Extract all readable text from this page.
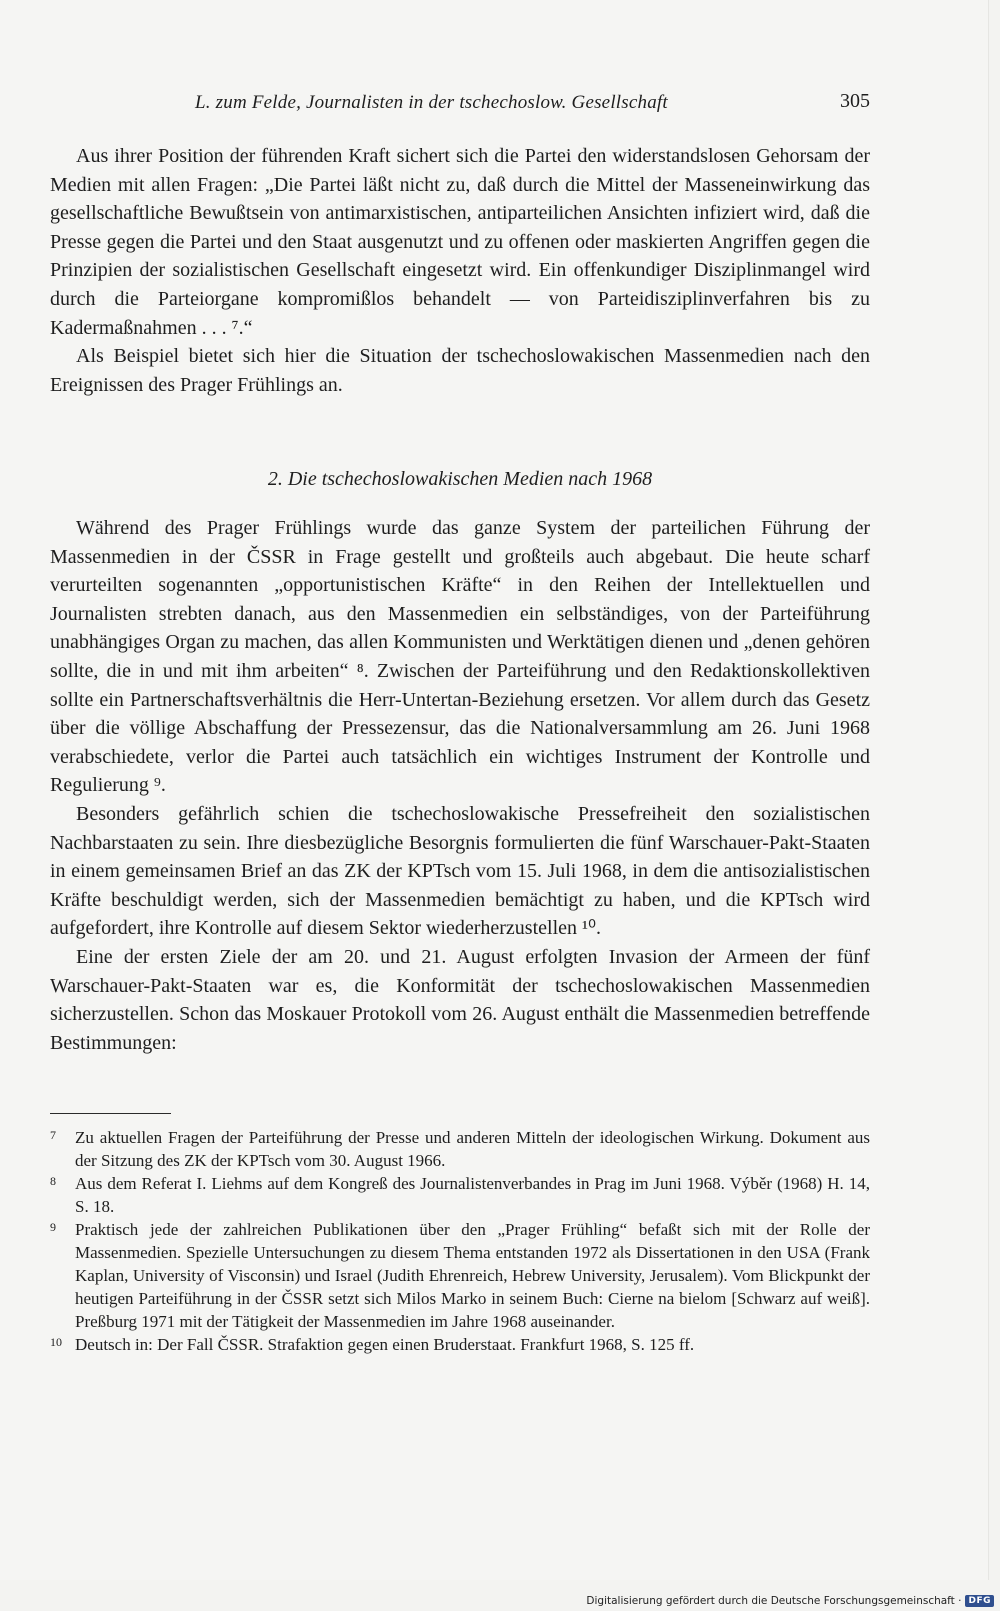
L. zum Felde, Journalisten in der tschechoslow. Gesellschaft	305

Aus ihrer Position der führenden Kraft sichert sich die Partei den widerstandslosen Gehorsam der Medien mit allen Fragen: „Die Partei läßt nicht zu, daß durch die Mittel der Masseneinwirkung das gesellschaftliche Bewußtsein von antimarxistischen, antiparteilichen Ansichten infiziert wird, daß die Presse gegen die Partei und den Staat ausgenutzt und zu offenen oder maskierten Angriffen gegen die Prinzipien der sozialistischen Gesellschaft eingesetzt wird. Ein offenkundiger Disziplinmangel wird durch die Parteiorgane kompromißlos behandelt — von Parteidisziplinverfahren bis zu Kadermaßnahmen . . . ⁷.“

Als Beispiel bietet sich hier die Situation der tschechoslowakischen Massenmedien nach den Ereignissen des Prager Frühlings an.

2. Die tschechoslowakischen Medien nach 1968

Während des Prager Frühlings wurde das ganze System der parteilichen Führung der Massenmedien in der ČSSR in Frage gestellt und großteils auch abgebaut. Die heute scharf verurteilten sogenannten „opportunistischen Kräfte“ in den Reihen der Intellektuellen und Journalisten strebten danach, aus den Massenmedien ein selbständiges, von der Parteiführung unabhängiges Organ zu machen, das allen Kommunisten und Werktätigen dienen und „denen gehören sollte, die in und mit ihm arbeiten“ ⁸. Zwischen der Parteiführung und den Redaktionskollektiven sollte ein Partnerschaftsverhältnis die Herr-Untertan-Beziehung ersetzen. Vor allem durch das Gesetz über die völlige Abschaffung der Pressezensur, das die Nationalversammlung am 26. Juni 1968 verabschiedete, verlor die Partei auch tatsächlich ein wichtiges Instrument der Kontrolle und Regulierung ⁹.

Besonders gefährlich schien die tschechoslowakische Pressefreiheit den sozialistischen Nachbarstaaten zu sein. Ihre diesbezügliche Besorgnis formulierten die fünf Warschauer-Pakt-Staaten in einem gemeinsamen Brief an das ZK der KPTsch vom 15. Juli 1968, in dem die antisozialistischen Kräfte beschuldigt werden, sich der Massenmedien bemächtigt zu haben, und die KPTsch wird aufgefordert, ihre Kontrolle auf diesem Sektor wiederherzustellen ¹⁰.

Eine der ersten Ziele der am 20. und 21. August erfolgten Invasion der Armeen der fünf Warschauer-Pakt-Staaten war es, die Konformität der tschechoslowakischen Massenmedien sicherzustellen. Schon das Moskauer Protokoll vom 26. August enthält die Massenmedien betreffende Bestimmungen:

7	Zu aktuellen Fragen der Parteiführung der Presse und anderen Mitteln der ideologischen Wirkung. Dokument aus der Sitzung des ZK der KPTsch vom 30. August 1966.
8	Aus dem Referat I. Liehms auf dem Kongreß des Journalistenverbandes in Prag im Juni 1968. Výběr (1968) H. 14, S. 18.
9	Praktisch jede der zahlreichen Publikationen über den „Prager Frühling“ befaßt sich mit der Rolle der Massenmedien. Spezielle Untersuchungen zu diesem Thema entstanden 1972 als Dissertationen in den USA (Frank Kaplan, University of Visconsin) und Israel (Judith Ehrenreich, Hebrew University, Jerusalem). Vom Blickpunkt der heutigen Parteiführung in der ČSSR setzt sich Milos Marko in seinem Buch: Cierne na bielom [Schwarz auf weiß]. Preßburg 1971 mit der Tätigkeit der Massenmedien im Jahre 1968 auseinander.
10 Deutsch in: Der Fall ČSSR. Strafaktion gegen einen Bruderstaat. Frankfurt 1968, S. 125 ff.
Digitalisierung gefördert durch die Deutsche Forschungsgemeinschaft · DFG
